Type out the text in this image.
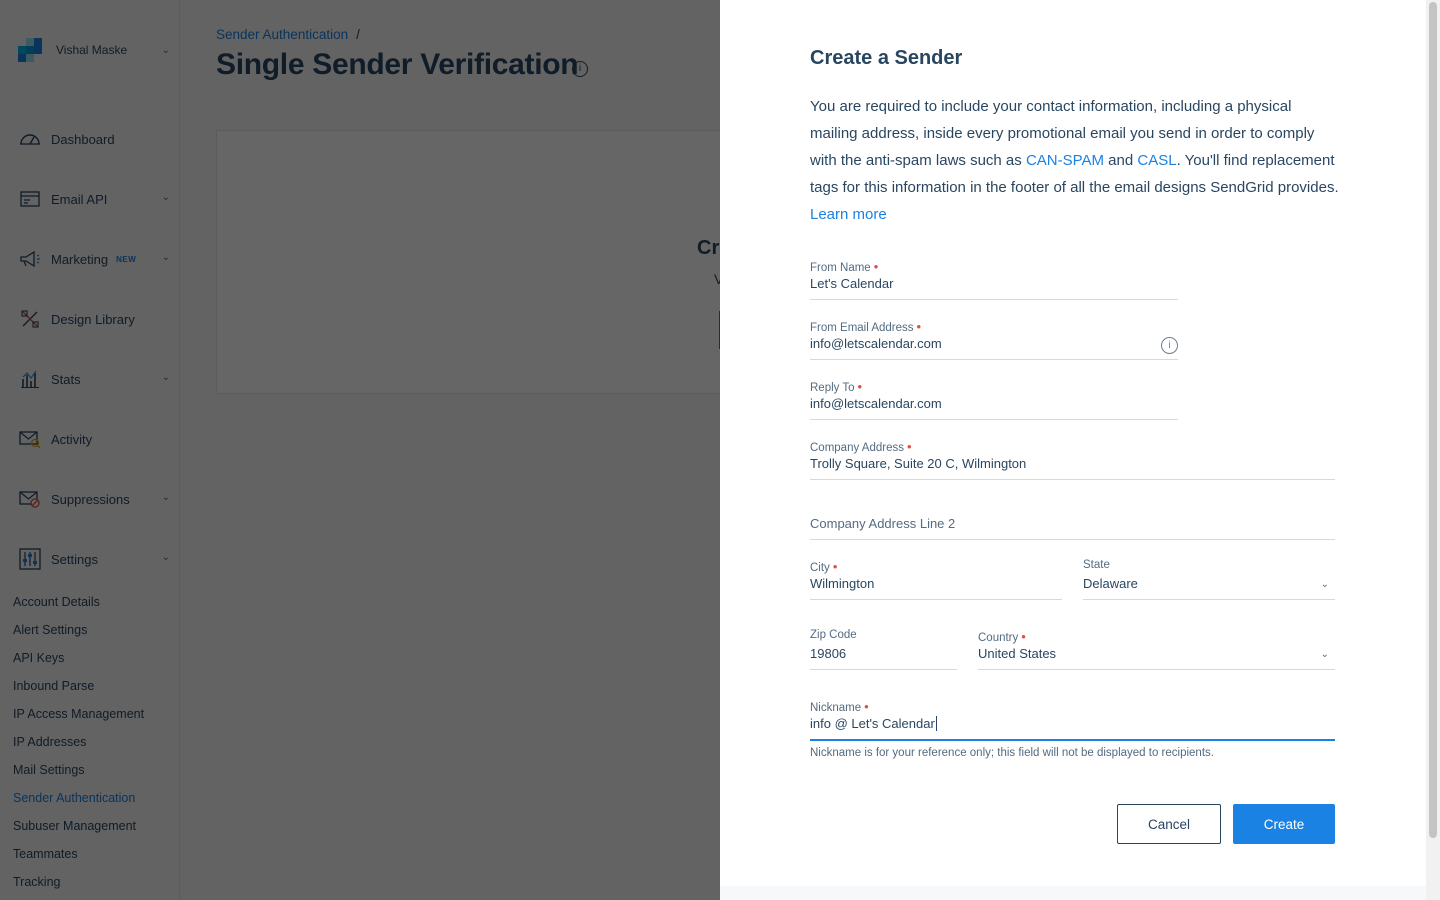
Create a Sender

You are required to include your contact information, including a physical mailing address, inside every promotional email you send in order to comply with the anti-spam laws such as CAN-SPAM and CASL. You'll find replacement tags for this information in the footer of all the email designs SendGrid provides. Learn more

From Name •
Let's Calendar
From Email Address •
info@letscalendar.com	i
Reply To •
info@letscalendar.com
Company Address •
Trolly Square, Suite 20 C, Wilmington
Company Address Line 2
City •
Wilmington
State
Delaware	⌄
Zip Code
19806
Country •
United States	⌄
Nickname •
info @ Let's Calendar
Nickname is for your reference only; this field will not be displayed to recipients.
Cancel	Create
